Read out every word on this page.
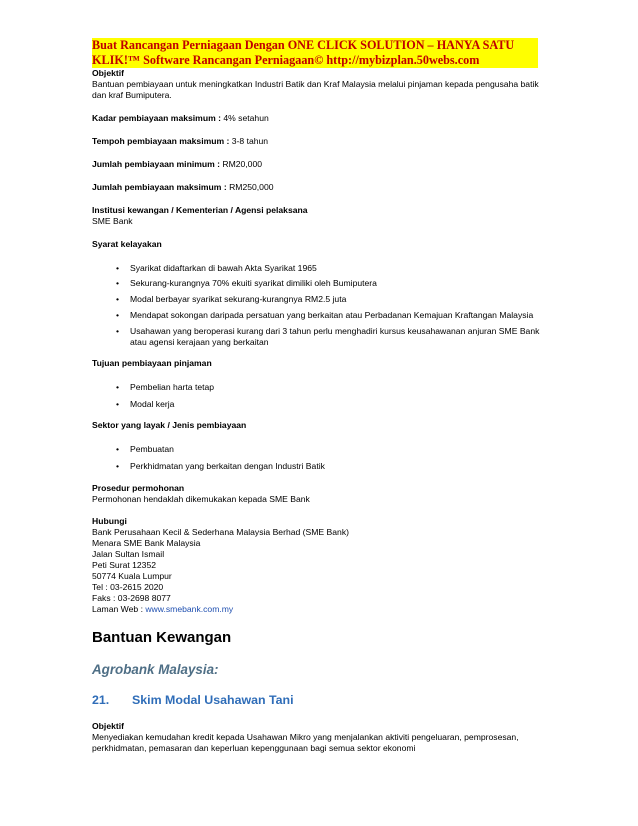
Buat Rancangan Perniagaan Dengan ONE CLICK SOLUTION – HANYA SATU
KLIK!™ Software Rancangan Perniagaan© http://mybizplan.50webs.com
Objektif
Bantuan pembiayaan untuk meningkatkan Industri Batik dan Kraf Malaysia melalui pinjaman kepada pengusaha batik dan kraf Bumiputera.
Kadar pembiayaan maksimum : 4% setahun
Tempoh pembiayaan maksimum : 3-8 tahun
Jumlah pembiayaan minimum : RM20,000
Jumlah pembiayaan maksimum : RM250,000
Institusi kewangan / Kementerian / Agensi pelaksana
SME Bank
Syarat kelayakan
• Syarikat didaftarkan di bawah Akta Syarikat 1965
• Sekurang-kurangnya 70% ekuiti syarikat dimiliki oleh Bumiputera
• Modal berbayar syarikat sekurang-kurangnya RM2.5 juta
• Mendapat sokongan daripada persatuan yang berkaitan atau Perbadanan Kemajuan Kraftangan Malaysia
• Usahawan yang beroperasi kurang dari 3 tahun perlu menghadiri kursus keusahawanan anjuran SME Bank atau agensi kerajaan yang berkaitan
Tujuan pembiayaan pinjaman
• Pembelian harta tetap
• Modal kerja
Sektor yang layak / Jenis pembiayaan
• Pembuatan
• Perkhidmatan yang berkaitan dengan Industri Batik
Prosedur permohonan
Permohonan hendaklah dikemukakan kepada SME Bank
Hubungi
Bank Perusahaan Kecil & Sederhana Malaysia Berhad (SME Bank)
Menara SME Bank Malaysia
Jalan Sultan Ismail
Peti Surat 12352
50774 Kuala Lumpur
Tel : 03-2615 2020
Faks : 03-2698 8077
Laman Web : www.smebank.com.my
Bantuan Kewangan
Agrobank Malaysia:
21. Skim Modal Usahawan Tani
Objektif
Menyediakan kemudahan kredit kepada Usahawan Mikro yang menjalankan aktiviti pengeluaran, pemprosesan, perkhidmatan, pemasaran dan keperluan kepenggunaan bagi semua sektor ekonomi
